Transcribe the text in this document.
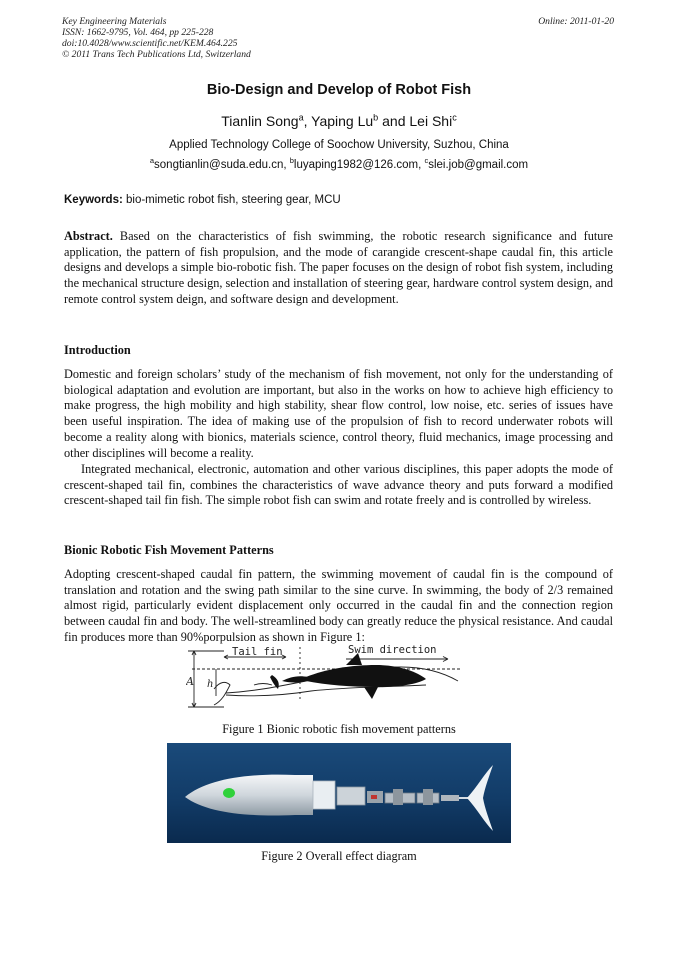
Key Engineering Materials
ISSN: 1662-9795, Vol. 464, pp 225-228
doi:10.4028/www.scientific.net/KEM.464.225
© 2011 Trans Tech Publications Ltd, Switzerland
Online: 2011-01-20
Bio-Design and Develop of Robot Fish
Tianlin Song$^a$, Yaping Lu$^b$ and Lei Shi$^c$
Applied Technology College of Soochow University, Suzhou, China
$^a$songtianlin@suda.edu.cn, $^b$luyaping1982@126.com, $^c$slei.job@gmail.com
Keywords: bio-mimetic robot fish, steering gear, MCU

Abstract. Based on the characteristics of fish swimming, the robotic research significance and future application, the pattern of fish propulsion, and the mode of carangide crescent-shape caudal fin, this article designs and develops a simple bio-robotic fish. The paper focuses on the design of robot fish system, including the mechanical structure design, selection and installation of steering gear, hardware control system design, and remote control system deign, and software design and development.

Introduction

Domestic and foreign scholars’ study of the mechanism of fish movement, not only for the understanding of biological adaptation and evolution are important, but also in the works on how to achieve high efficiency to make progress, the high mobility and high stability, shear flow control, low noise, etc. series of issues have been useful inspiration. The idea of making use of the propulsion of fish to record underwater robots will become a reality along with bionics, materials science, control theory, fluid mechanics, image processing and other disciplines will become a reality.

Integrated mechanical, electronic, automation and other various disciplines, this paper adopts the mode of crescent-shaped tail fin, combines the characteristics of wave advance theory and puts forward a modified crescent-shaped tail fin fish. The simple robot fish can swim and rotate freely and is controlled by wireless.

Bionic Robotic Fish Movement Patterns

Adopting crescent-shaped caudal fin pattern, the swimming movement of caudal fin is the compound of translation and rotation and the swing path similar to the sine curve. In swimming, the body of 2/3 remained almost rigid, particularly evident displacement only occurred in the caudal fin and the connection region between caudal fin and body. The well-streamlined body can greatly reduce the physical resistance. And caudal fin produces more than 90%porpulsion as shown in Figure 1:

Tail fin	Swim direction
A h
Figure 1 Bionic robotic fish movement patterns
Figure 2 Overall effect diagram
